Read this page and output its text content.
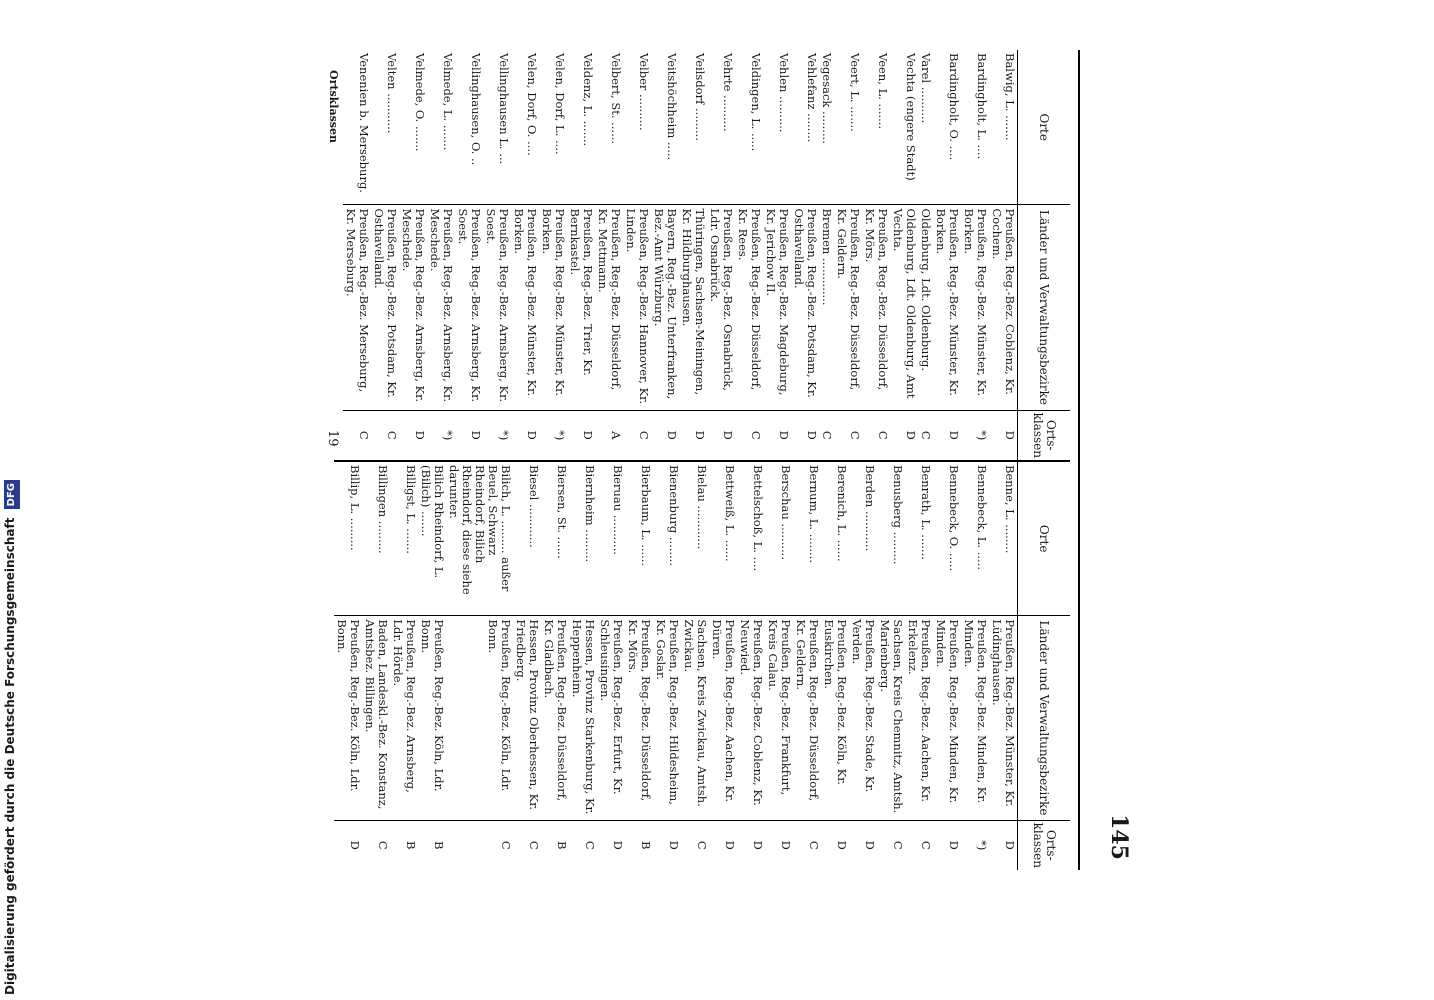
Digitalisierung gefördert durch die Deutsche Forschungsgemeinschaft DFG
145
Orte	Länder und Verwaltungsbezirke	Orts-klassen
Balwig, L. .......	Preußen, Reg.-Bez. Coblenz, Kr. Cochem.	D
Bardingholt, L. ....	Preußen, Reg.-Bez. Münster, Kr. Borken.	*)
Bardingholt, O. ....	Preußen, Reg.-Bez. Münster, Kr. Borken.	D
Varel ..........	Oldenburg, Ldt. Oldenburg.	C
Vechta (engere Stadt)	Oldenburg, Ldt. Oldenburg, Amt Vechta.	D
Veen, L. .......	Preußen, Reg.-Bez. Düsseldorf, Kr. Mörs.	C
Veert, L. .......	Preußen, Reg.-Bez. Düsseldorf, Kr. Geldern.	C
Vegesack .........	Bremen .............	C
Vehlefanz ........	Preußen, Reg.-Bez. Potsdam, Kr. Osthavelland.	D
Vehlen ..........	Preußen, Reg.-Bez. Magdeburg, Kr. Jerichow II.	D
Veldingen, L. .....	Preußen, Reg.-Bez. Düsseldorf, Kr. Rees.	C
Vehrte ..........	Preußen, Reg.-Bez. Osnabrück, Ldr. Osnabrück.	D
Veilsdorf .........	Thüringen, Sachsen-Meiningen, Kr. Hildburghausen.	D
Veitshöchheim .....	Bayern, Reg.-Bez. Unterfranken, Bez.-Amt Würzburg.	D
Velber ..........	Preußen, Reg.-Bez. Hannover, Kr. Linden.	C
Velbert, St. ......	Preußen, Reg.-Bez. Düsseldorf, Kr. Mettmann.	A
Veldenz, L. .......	Preußen, Reg.-Bez. Trier, Kr. Bernkastel.	D
Velen, Dorf, L. ....	Preußen, Reg.-Bez. Münster, Kr. Borken.	*)
Velen, Dorf, O. ....	Preußen, Reg.-Bez. Münster, Kr. Borken.	D
Vellinghausen L. ...	Preußen, Reg.-Bez. Arnsberg, Kr. Soest.	*)
Vellinghausen, O. ..	Preußen, Reg.-Bez. Arnsberg, Kr. Soest.	D
Velmede, L. .......	Preußen, Reg.-Bez. Arnsberg, Kr. Meschede.	*)
Velmede, O. .......	Preußen, Reg.-Bez. Arnsberg, Kr. Meschede.	D
Velten ...........	Preußen, Reg.-Bez. Potsdam, Kr. Osthavelland.	C
Venenien b. Merseburg.	Preußen, Reg.-Bez. Merseburg, Kr. Merseburg.	C
Orte	Länder und Verwaltungsbezirke	Orts-klassen
Benne, L. ........	Preußen, Reg.-Bez. Münster, Kr. Lüdinghausen.	D
Bennebeck, L. .....	Preußen, Reg.-Bez. Minden, Kr. Minden.	*)
Bennebeck, O. .....	Preußen, Reg.-Bez. Minden, Kr. Minden.	D
Benrath, L. .......	Preußen, Reg.-Bez. Aachen, Kr. Erkelenz.	C
Benusberg .........	Sachsen, Kreis Chemnitz, Amtsh. Marienberg.	C
Berden ...........	Preußen, Reg.-Bez. Stade, Kr. Verden.	D
Berenich, L. ......	Preußen, Reg.-Bez. Köln, Kr. Euskirchen.	D
Bernum, L. ........	Preußen, Reg.-Bez. Düsseldorf, Kr. Geldern.	C
Berschau ..........	Preußen, Reg.-Bez. Frankfurt, Kreis Calau.	D
Bettelschoß, L. ....	Preußen, Reg.-Bez. Coblenz, Kr. Neuwied.	D
Bettweiß, L. ......	Preußen, Reg.-Bez. Aachen, Kr. Düren.	D
Bielau ............	Sachsen, Kreis Zwickau, Amtsh. Zwickau.	C
Bienenburg ........	Preußen, Reg.-Bez. Hildesheim, Kr. Goslar.	D
Bierbaum, L. ......	Preußen, Reg.-Bez. Düsseldorf, Kr. Mörs.	B
Bieruau ...........	Preußen, Reg.-Bez. Erfurt, Kr. Schleusingen.	D
Biernheim .........	Hessen, Provinz Starkenburg, Kr. Heppenheim.	C
Biersen, St. ......	Preußen, Reg.-Bez. Düsseldorf, Kr. Gladbach.	B
Biesel ............	Hessen, Provinz Oberhessen, Kr. Friedberg.	C
Bilich, L. ......... außer Beuel, Schwarz Rheindorf, Bilich Rheindorf, diese siehe darunter.	Preußen, Reg.-Bez. Köln, Ldr. Bonn.	C
Bilich Rheindorf, L. (Bilich) .......	Preußen, Reg.-Bez. Köln, Ldr. Bonn.	B
Billigst, L. .......	Preußen, Reg.-Bez. Arnsberg, Ldr. Hörde.	B
Billingen .........	Baden, Landeskl.-Bez. Konstanz, Amtsbez. Billingen.	C
Billip, L. .........	Preußen, Reg.-Bez. Köln, Ldr. Bonn.	D
Ortsklassen
19
